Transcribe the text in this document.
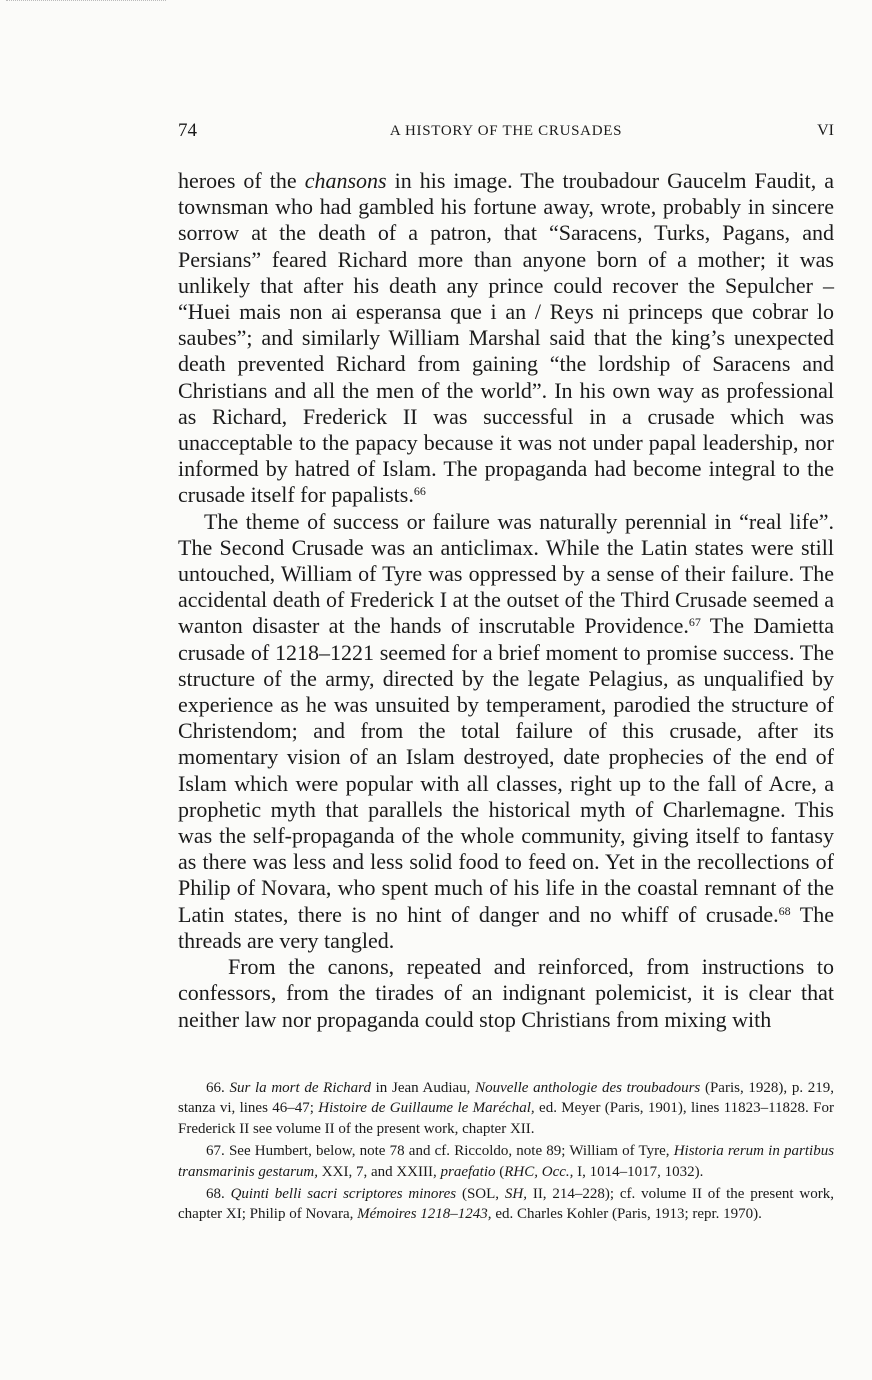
A HISTORY OF THE CRUSADES
74	VI

heroes of the chansons in his image. The troubadour Gaucelm Faudit, a townsman who had gambled his fortune away, wrote, probably in sincere sorrow at the death of a patron, that “Saracens, Turks, Pagans, and Persians” feared Richard more than anyone born of a mother; it was unlikely that after his death any prince could recover the Sepulcher – “Huei mais non ai esperansa que i an / Reys ni princeps que cobrar lo saubes”; and similarly William Marshal said that the king’s unexpected death prevented Richard from gaining “the lordship of Saracens and Christians and all the men of the world”. In his own way as professional as Richard, Frederick II was successful in a crusade which was unacceptable to the papacy because it was not under papal leadership, nor informed by hatred of Islam. The propaganda had become integral to the crusade itself for papalists.$^{66}$

The theme of success or failure was naturally perennial in “real life”. The Second Crusade was an anticlimax. While the Latin states were still untouched, William of Tyre was oppressed by a sense of their failure. The accidental death of Frederick I at the outset of the Third Crusade seemed a wanton disaster at the hands of inscrutable Providence.$^{67}$ The Damietta crusade of 1218–1221 seemed for a brief moment to promise success. The structure of the army, directed by the legate Pelagius, as unqualified by experience as he was unsuited by temperament, parodied the structure of Christendom; and from the total failure of this crusade, after its momentary vision of an Islam destroyed, date prophecies of the end of Islam which were popular with all classes, right up to the fall of Acre, a prophetic myth that parallels the historical myth of Charlemagne. This was the self-propaganda of the whole community, giving itself to fantasy as there was less and less solid food to feed on. Yet in the recollections of Philip of Novara, who spent much of his life in the coastal remnant of the Latin states, there is no hint of danger and no whiff of crusade.$^{68}$ The threads are very tangled.

From the canons, repeated and reinforced, from instructions to confessors, from the tirades of an indignant polemicist, it is clear that neither law nor propaganda could stop Christians from mixing with

66. Sur la mort de Richard in Jean Audiau, Nouvelle anthologie des troubadours (Paris, 1928), p. 219, stanza vi, lines 46–47; Histoire de Guillaume le Maréchal, ed. Meyer (Paris, 1901), lines 11823–11828. For Frederick II see volume II of the present work, chapter XII.

67. See Humbert, below, note 78 and cf. Riccoldo, note 89; William of Tyre, Historia rerum in partibus transmarinis gestarum, XXI, 7, and XXIII, praefatio (RHC, Occ., I, 1014–1017, 1032).

68. Quinti belli sacri scriptores minores (SOL, SH, II, 214–228); cf. volume II of the present work, chapter XI; Philip of Novara, Mémoires 1218–1243, ed. Charles Kohler (Paris, 1913; repr. 1970).
